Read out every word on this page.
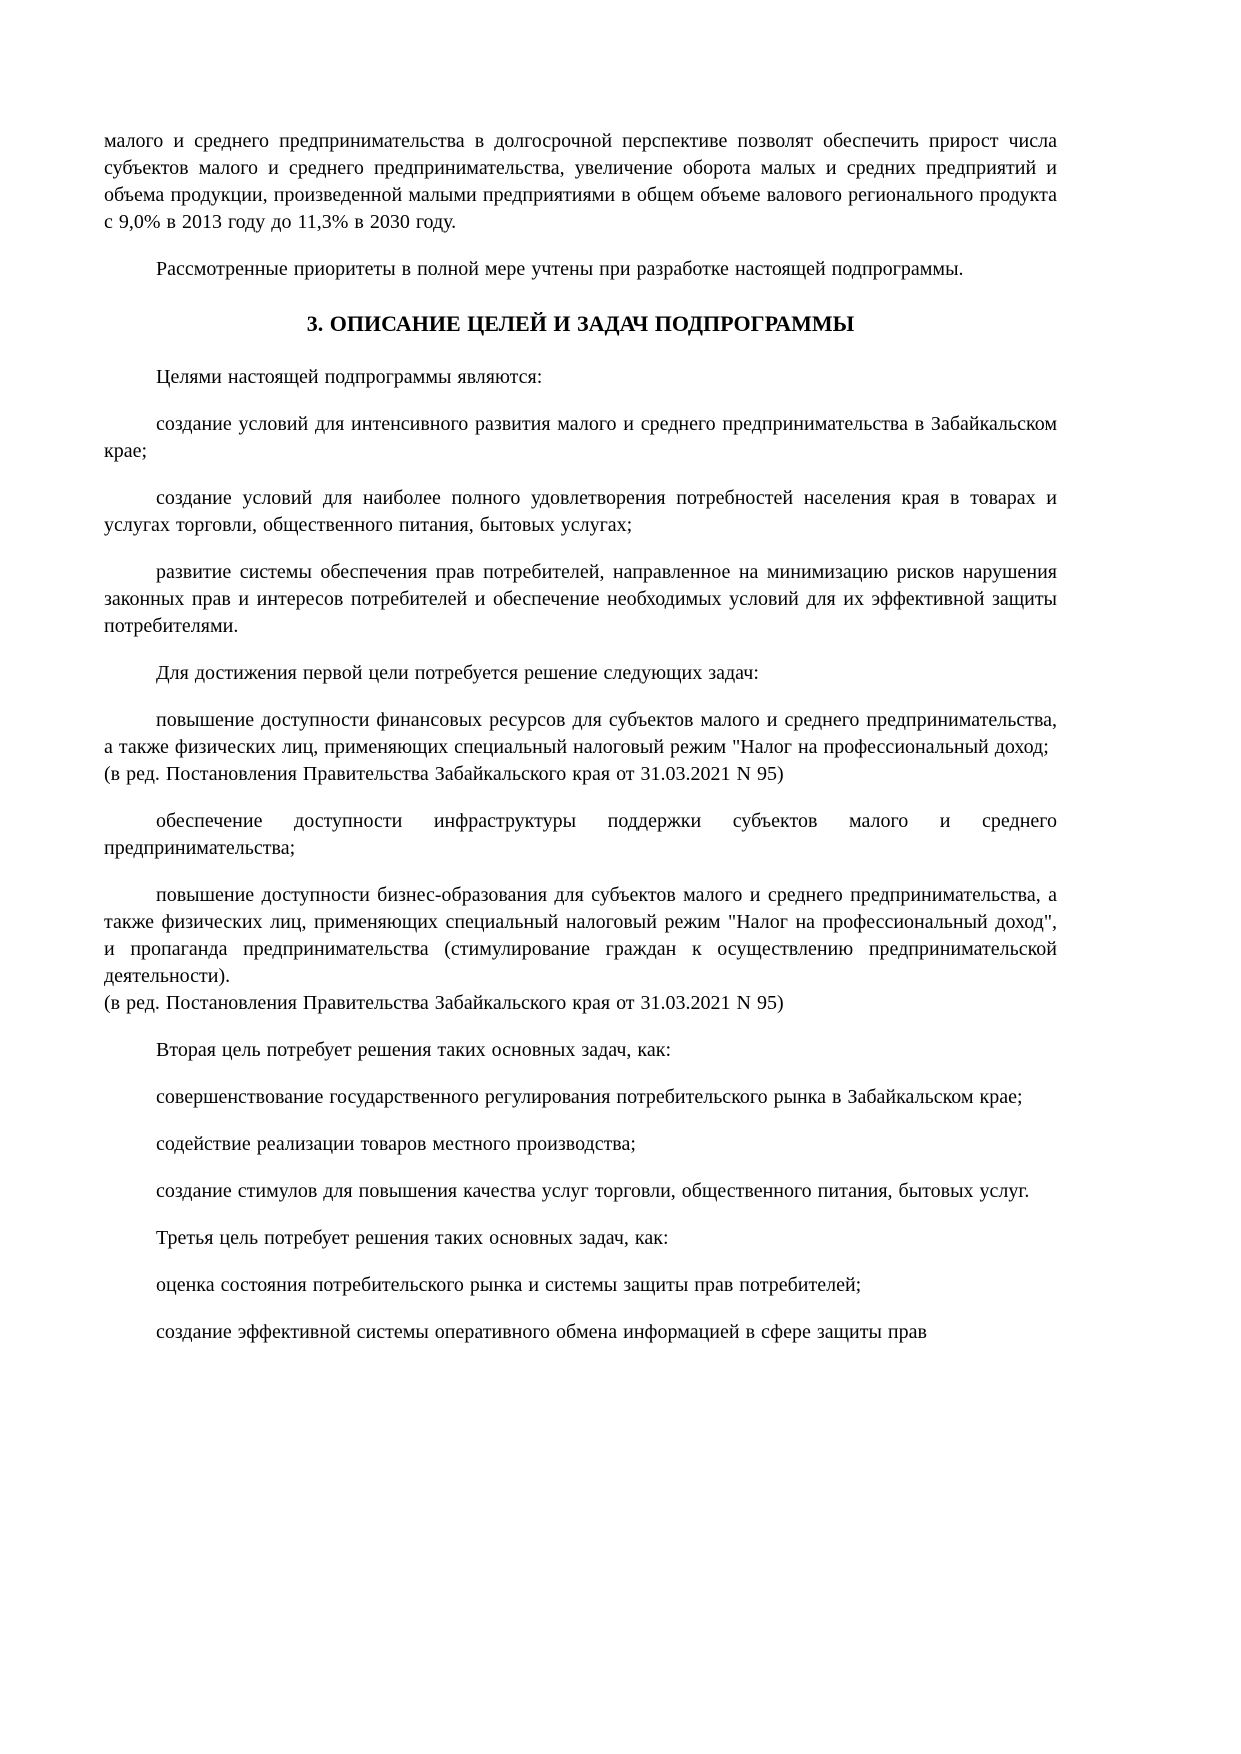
малого и среднего предпринимательства в долгосрочной перспективе позволят обеспечить прирост числа субъектов малого и среднего предпринимательства, увеличение оборота малых и средних предприятий и объема продукции, произведенной малыми предприятиями в общем объеме валового регионального продукта с 9,0% в 2013 году до 11,3% в 2030 году.

Рассмотренные приоритеты в полной мере учтены при разработке настоящей подпрограммы.

3. ОПИСАНИЕ ЦЕЛЕЙ И ЗАДАЧ ПОДПРОГРАММЫ

Целями настоящей подпрограммы являются:

создание условий для интенсивного развития малого и среднего предпринимательства в Забайкальском крае;

создание условий для наиболее полного удовлетворения потребностей населения края в товарах и услугах торговли, общественного питания, бытовых услугах;

развитие системы обеспечения прав потребителей, направленное на минимизацию рисков нарушения законных прав и интересов потребителей и обеспечение необходимых условий для их эффективной защиты потребителями.

Для достижения первой цели потребуется решение следующих задач:

повышение доступности финансовых ресурсов для субъектов малого и среднего предпринимательства, а также физических лиц, применяющих специальный налоговый режим "Налог на профессиональный доход;

(в ред. Постановления Правительства Забайкальского края от 31.03.2021 N 95)

обеспечение доступности инфраструктуры поддержки субъектов малого и среднего предпринимательства;

повышение доступности бизнес-образования для субъектов малого и среднего предпринимательства, а также физических лиц, применяющих специальный налоговый режим "Налог на профессиональный доход", и пропаганда предпринимательства (стимулирование граждан к осуществлению предпринимательской деятельности).

(в ред. Постановления Правительства Забайкальского края от 31.03.2021 N 95)

Вторая цель потребует решения таких основных задач, как:

совершенствование государственного регулирования потребительского рынка в Забайкальском крае;

содействие реализации товаров местного производства;

создание стимулов для повышения качества услуг торговли, общественного питания, бытовых услуг.

Третья цель потребует решения таких основных задач, как:

оценка состояния потребительского рынка и системы защиты прав потребителей;

создание эффективной системы оперативного обмена информацией в сфере защиты прав
